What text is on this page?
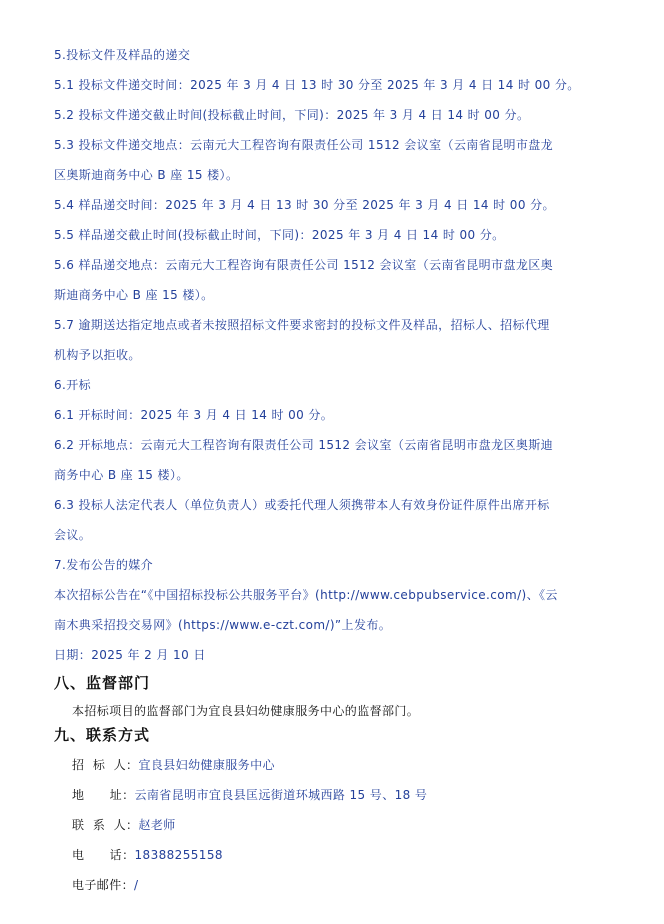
5.投标文件及样品的递交
5.1 投标文件递交时间：2025 年 3 月 4 日 13 时 30 分至 2025 年 3 月 4 日 14 时 00 分。
5.2 投标文件递交截止时间(投标截止时间，下同)：2025 年 3 月 4 日 14 时 00 分。
5.3 投标文件递交地点：云南元大工程咨询有限责任公司 1512 会议室（云南省昆明市盘龙
区奥斯迪商务中心 B 座 15 楼）。
5.4 样品递交时间：2025 年 3 月 4 日 13 时 30 分至 2025 年 3 月 4 日 14 时 00 分。
5.5 样品递交截止时间(投标截止时间，下同)：2025 年 3 月 4 日 14 时 00 分。
5.6 样品递交地点：云南元大工程咨询有限责任公司 1512 会议室（云南省昆明市盘龙区奥
斯迪商务中心 B 座 15 楼）。
5.7 逾期送达指定地点或者未按照招标文件要求密封的投标文件及样品，招标人、招标代理
机构予以拒收。
6.开标
6.1 开标时间：2025 年 3 月 4 日 14 时 00 分。
6.2 开标地点：云南元大工程咨询有限责任公司 1512 会议室（云南省昆明市盘龙区奥斯迪
商务中心 B 座 15 楼）。
6.3 投标人法定代表人（单位负责人）或委托代理人须携带本人有效身份证件原件出席开标
会议。
7.发布公告的媒介
本次招标公告在“《中国招标投标公共服务平台》(http://www.cebpubservice.com/)、《云
南木典采招投交易网》(https://www.e-czt.com/)”上发布。
日期：2025 年 2 月 10 日
八、监督部门
本招标项目的监督部门为宜良县妇幼健康服务中心的监督部门。
九、联系方式
招  标  人：宜良县妇幼健康服务中心
地      址：云南省昆明市宜良县匡远街道环城西路 15 号、18 号
联  系  人：赵老师
电      话：18388255158
电子邮件：/
